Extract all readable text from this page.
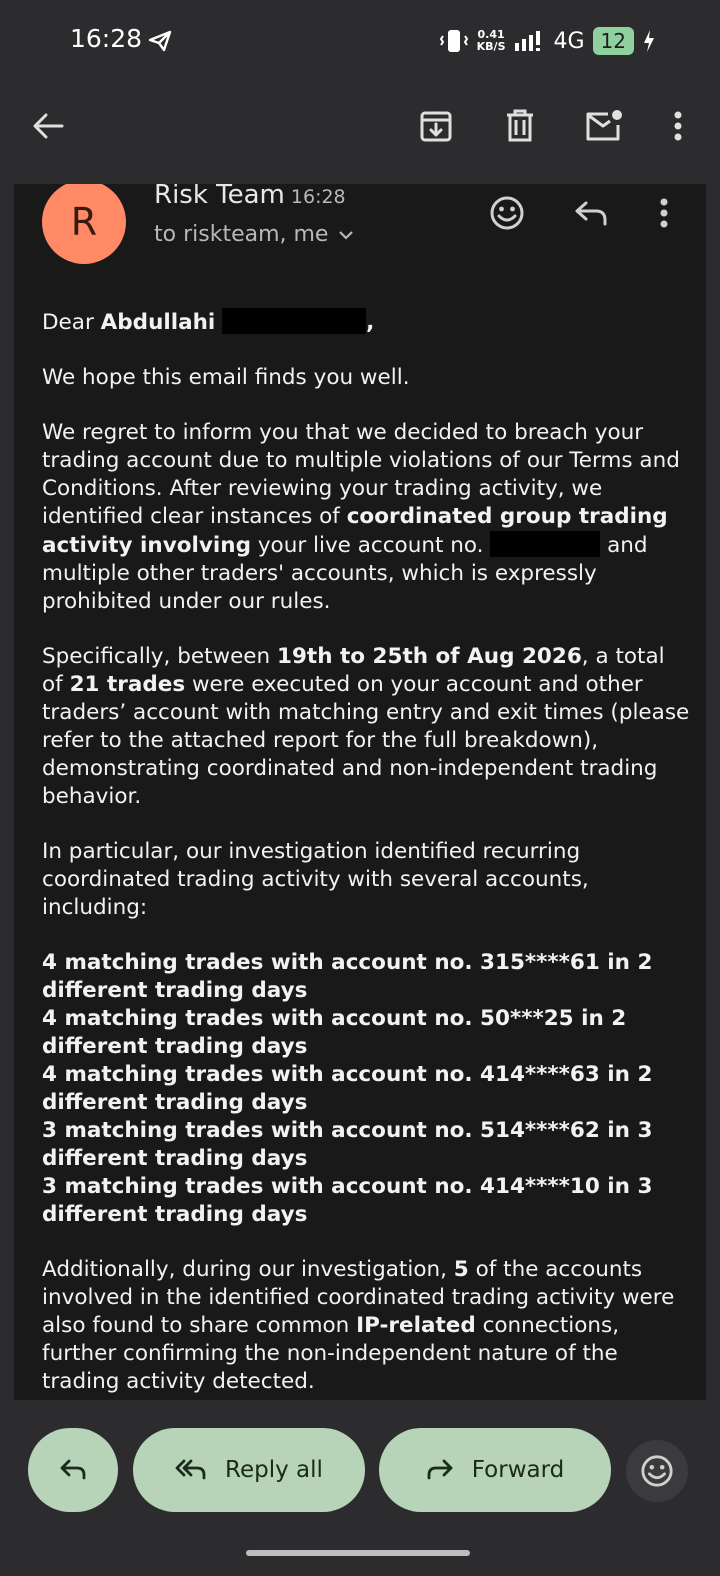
16:28	0.41
KB/S 4G 12
R
Risk Team 16:28
to riskteam, me

Dear Abdullahi	,

We hope this email finds you well.

We regret to inform you that we decided to breach your trading account due to multiple violations of our Terms and Conditions. After reviewing your trading activity, we identified clear instances of coordinated group trading activity involving your live account no.	and multiple other traders' accounts, which is expressly prohibited under our rules.

Specifically, between 19th to 25th of Aug 2026, a total of 21 trades were executed on your account and other traders’ account with matching entry and exit times (please refer to the attached report for the full breakdown), demonstrating coordinated and non-independent trading behavior.

In particular, our investigation identified recurring coordinated trading activity with several accounts, including:

4 matching trades with account no. 315****61 in 2 different trading days
4 matching trades with account no. 50***25 in 2 different trading days
4 matching trades with account no. 414****63 in 2 different trading days
3 matching trades with account no. 514****62 in 3 different trading days
3 matching trades with account no. 414****10 in 3 different trading days

Additionally, during our investigation, 5 of the accounts involved in the identified coordinated trading activity were also found to share common IP-related connections, further confirming the non-independent nature of the trading activity detected.

Reply all	Forward
